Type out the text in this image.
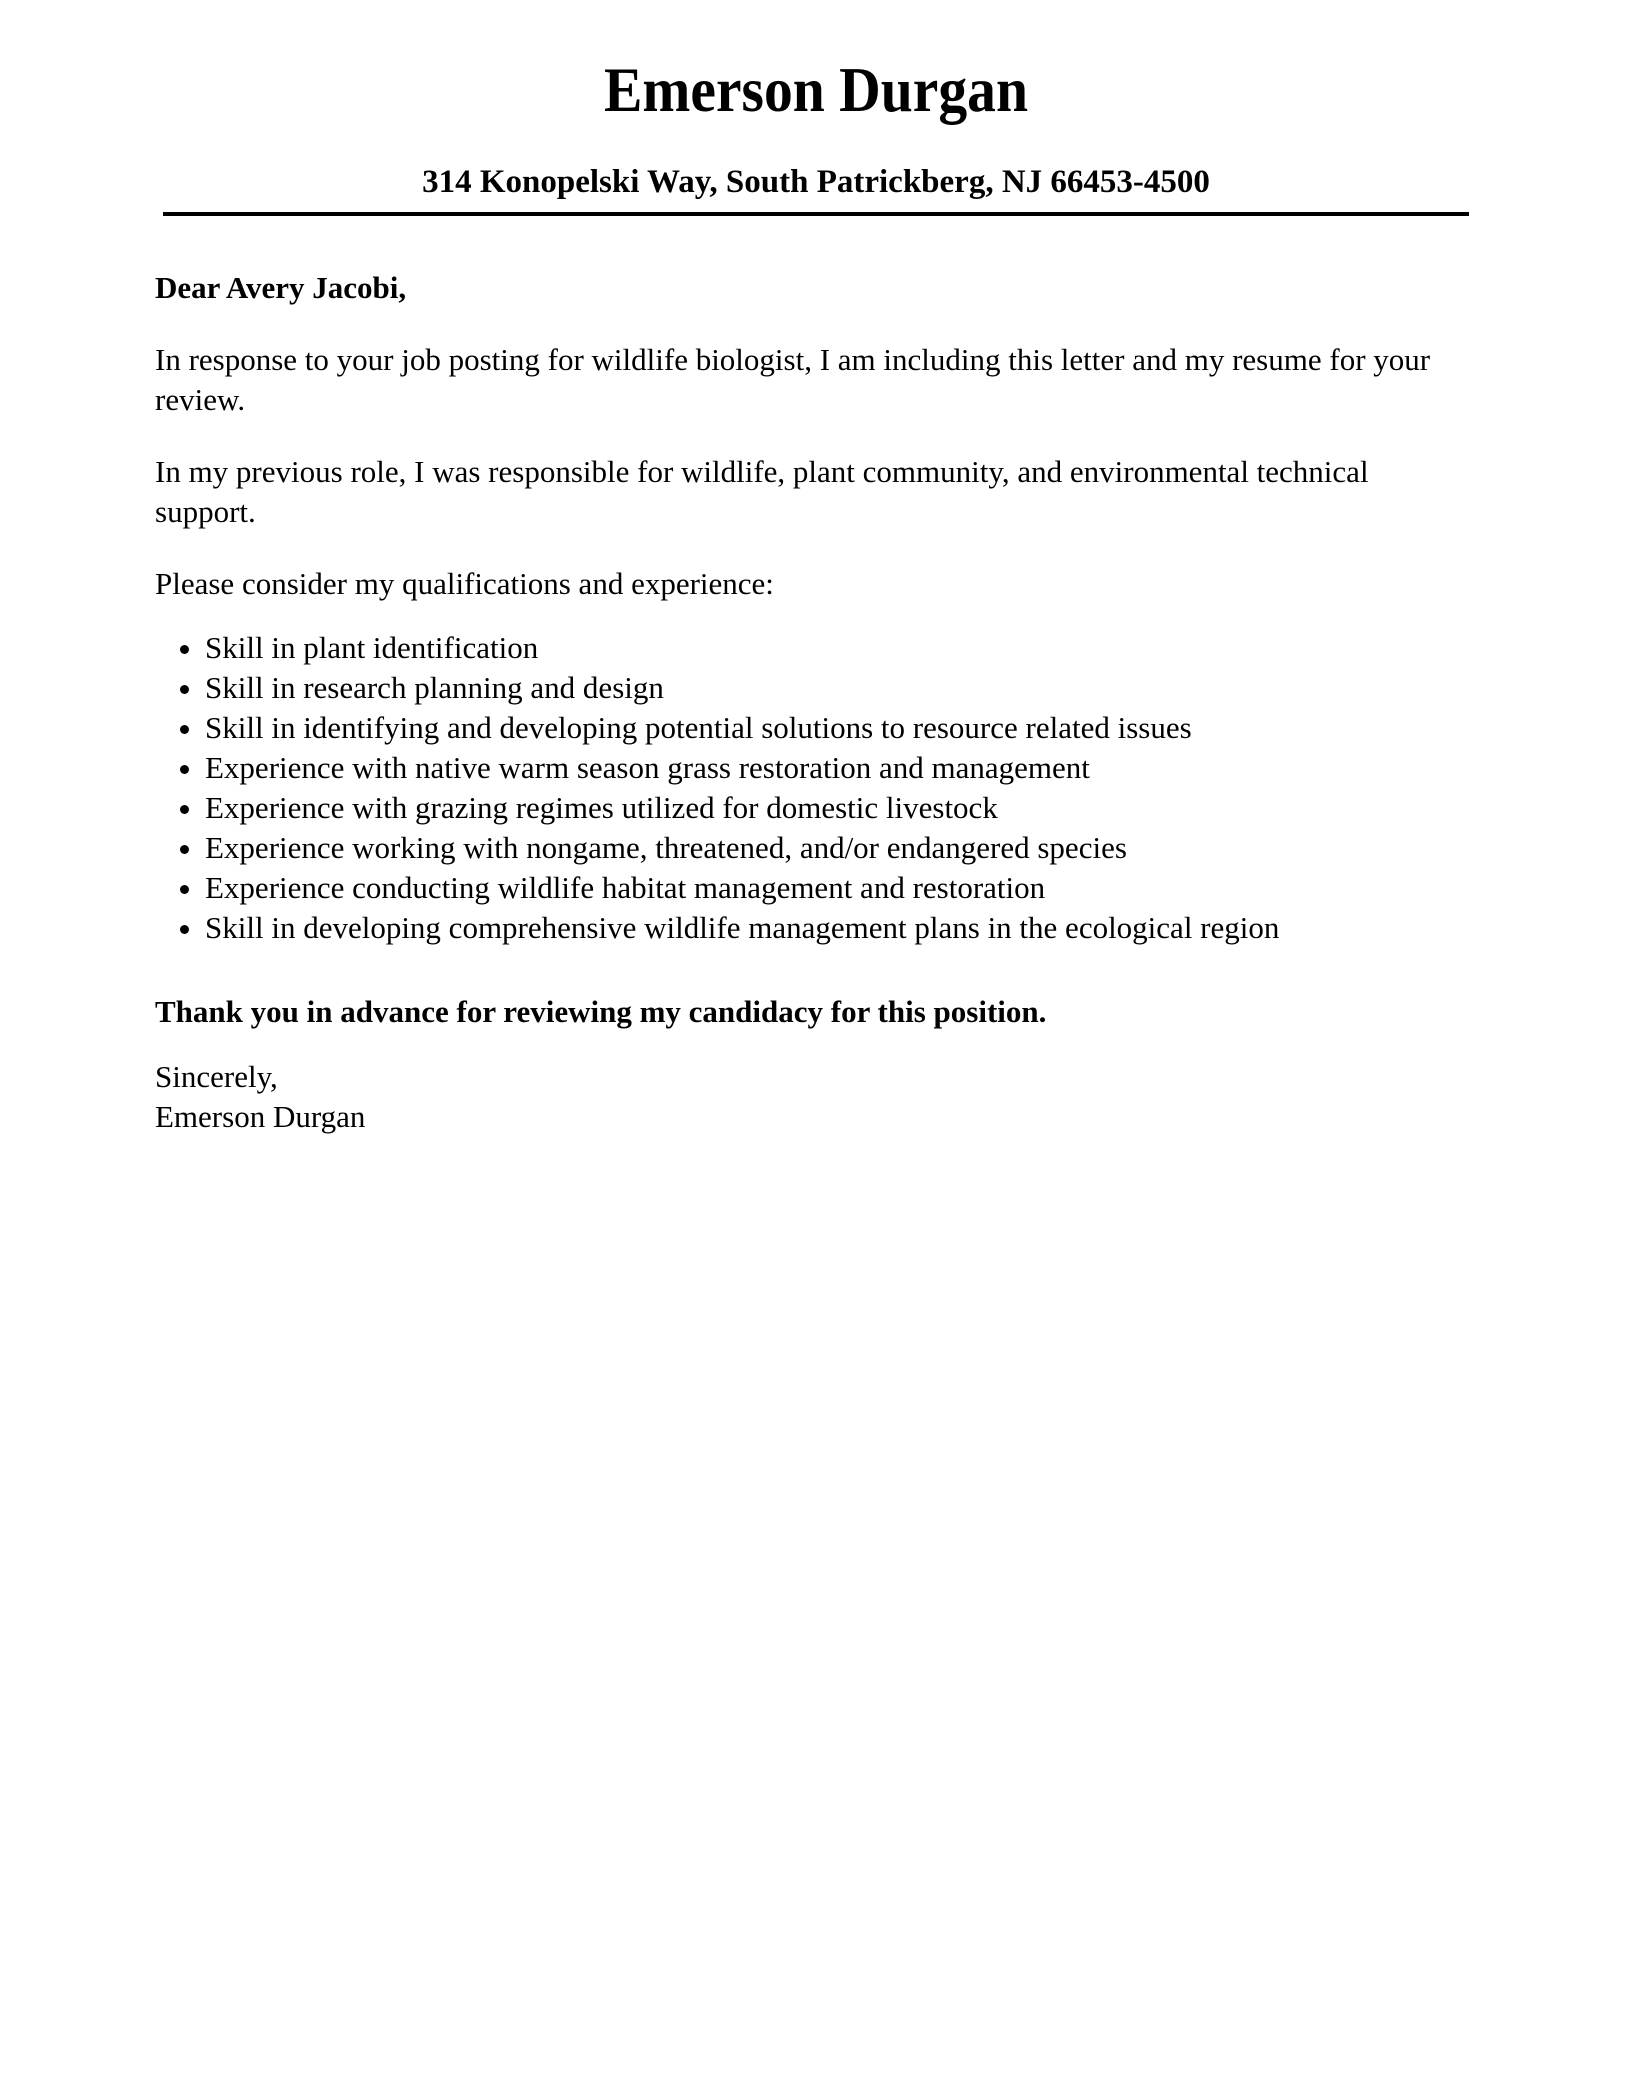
Emerson Durgan
314 Konopelski Way, South Patrickberg, NJ 66453-4500
Dear Avery Jacobi,

In response to your job posting for wildlife biologist, I am including this letter and my resume for your review.

In my previous role, I was responsible for wildlife, plant community, and environmental technical support.

Please consider my qualifications and experience:

• Skill in plant identification
• Skill in research planning and design
• Skill in identifying and developing potential solutions to resource related issues
• Experience with native warm season grass restoration and management
• Experience with grazing regimes utilized for domestic livestock
• Experience working with nongame, threatened, and/or endangered species
• Experience conducting wildlife habitat management and restoration
• Skill in developing comprehensive wildlife management plans in the ecological region

Thank you in advance for reviewing my candidacy for this position.

Sincerely,
Emerson Durgan
